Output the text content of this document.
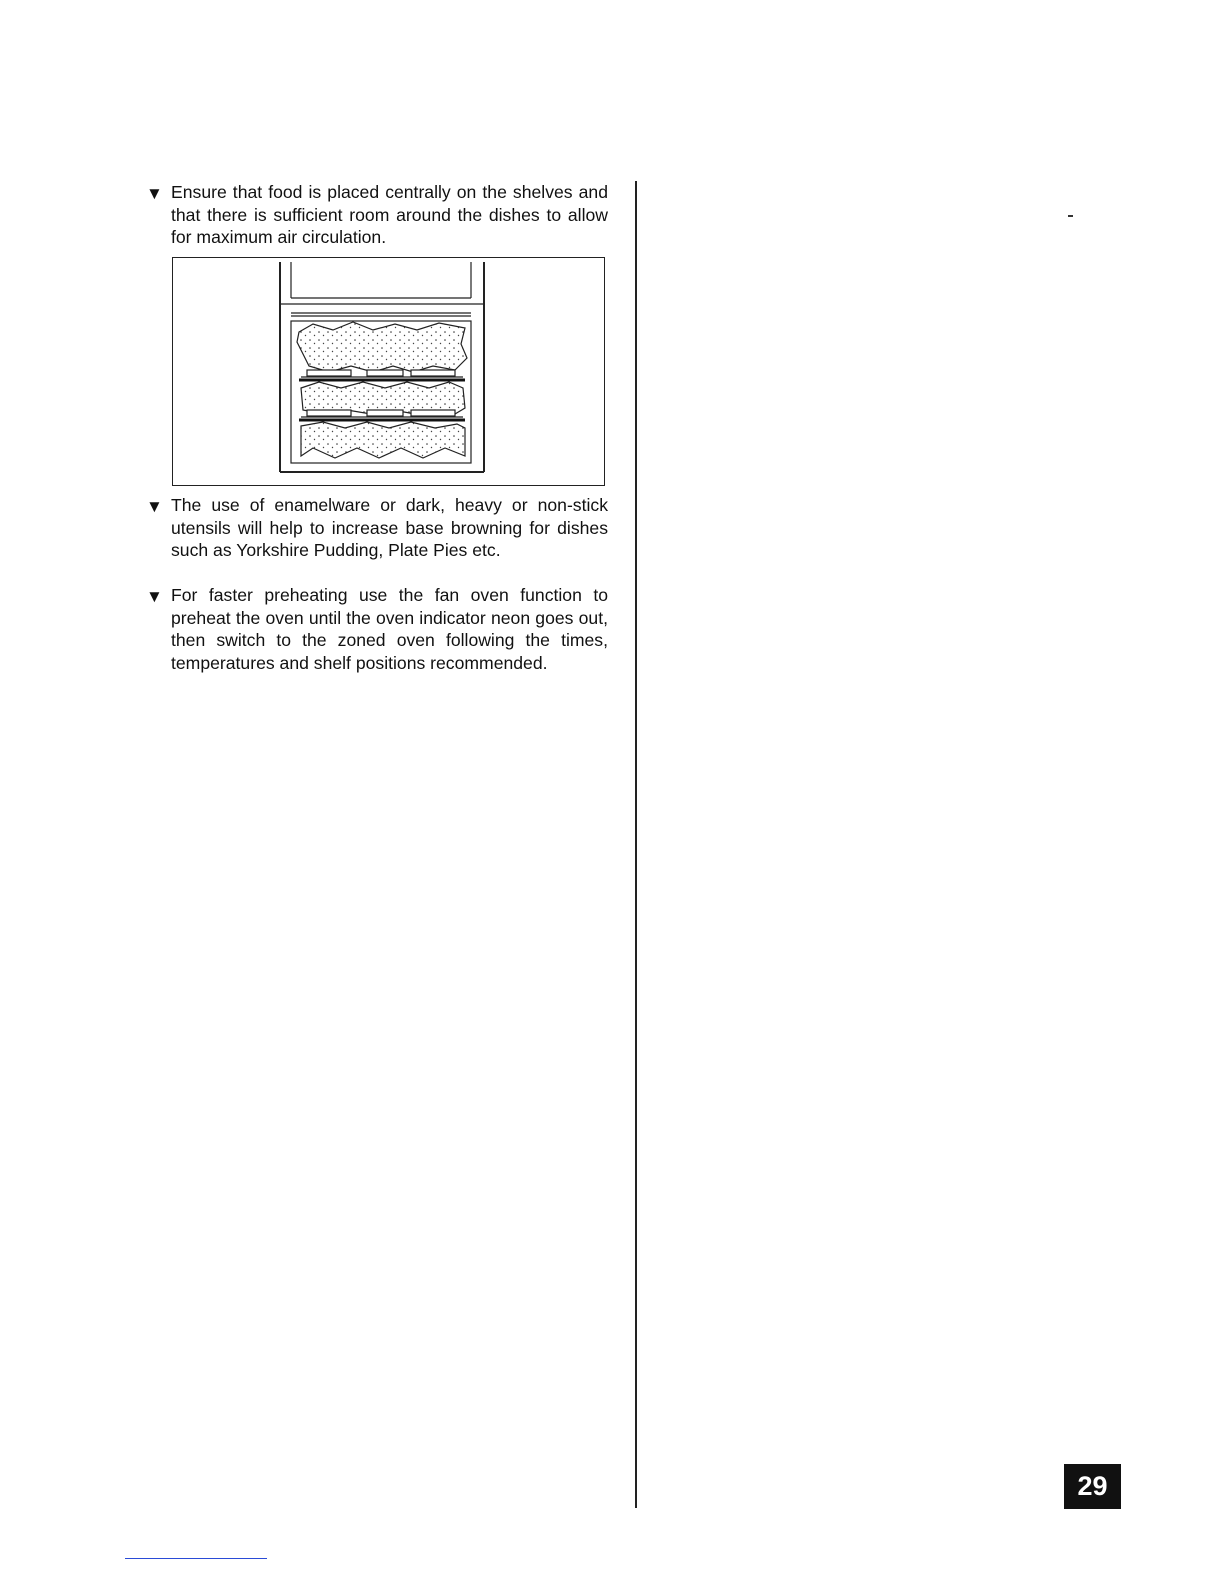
▼ Ensure that food is placed centrally on the shelves and that there is sufficient room around the dishes to allow for maximum air circulation.
▼ The use of enamelware or dark, heavy or non-stick utensils will help to increase base browning for dishes such as Yorkshire Pudding, Plate Pies etc.
▼ For faster preheating use the fan oven function to preheat the oven until the oven indicator neon goes out, then switch to the zoned oven following the times, temperatures and shelf positions recommended.
29
